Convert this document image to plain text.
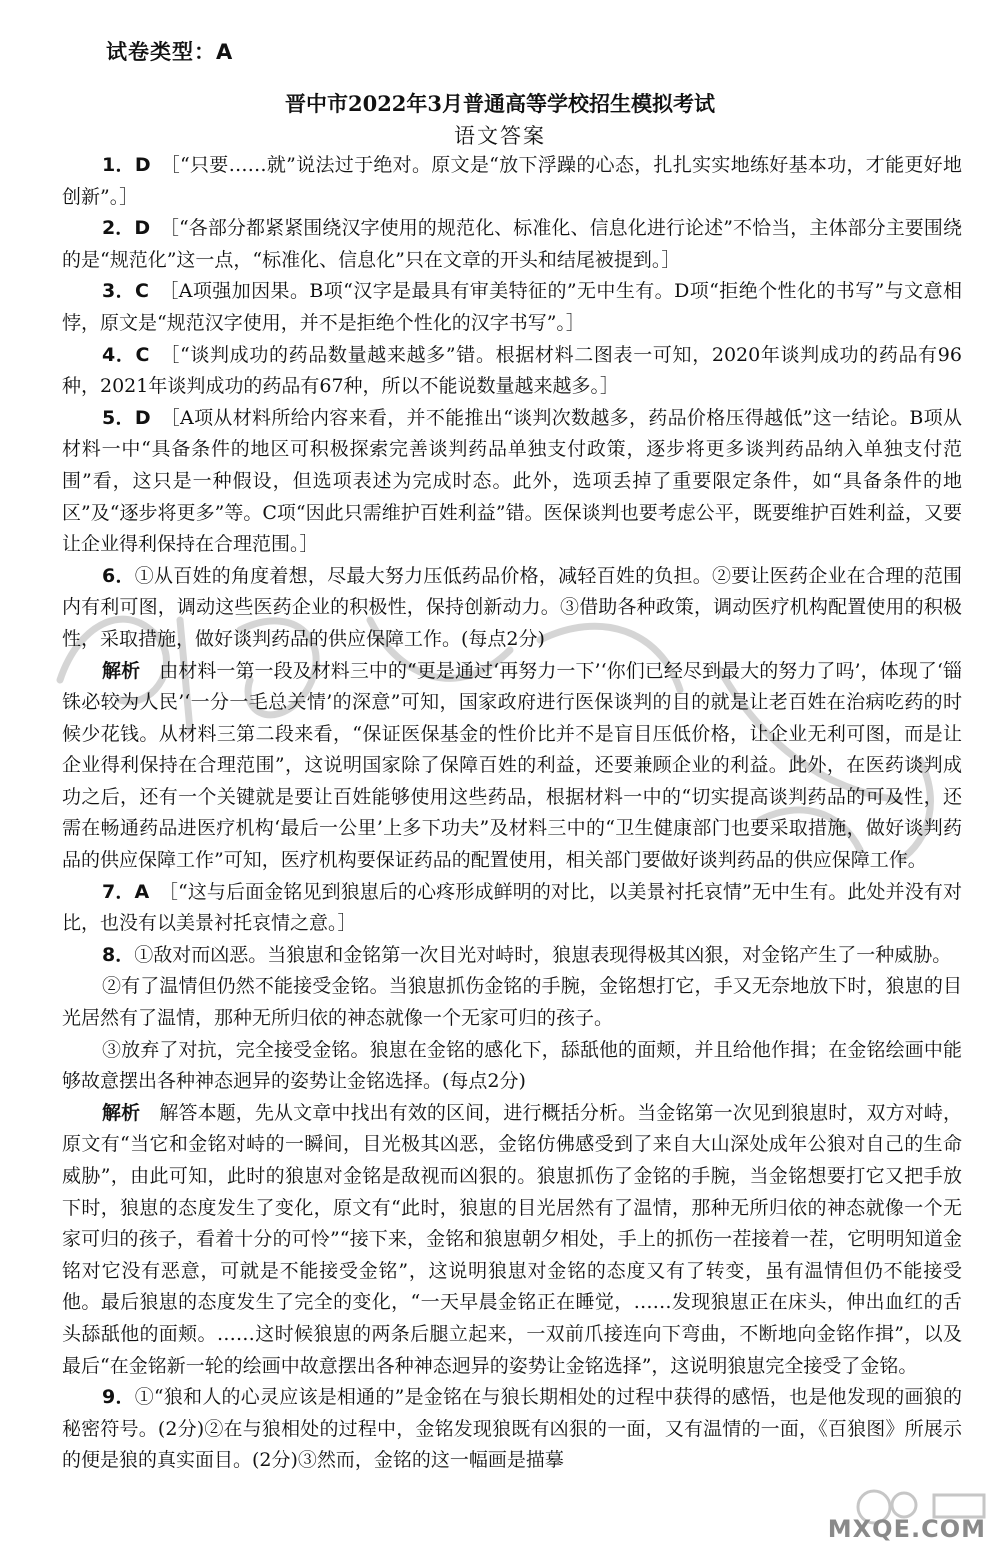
试卷类型：A
晋中市2022年3月普通高等学校招生模拟考试
语文答案

1．D　 ［“只要……就”说法过于绝对。原文是“放下浮躁的心态，扎扎实实地练好基本功，才能更好地创新”。］

2．D　 ［“各部分都紧紧围绕汉字使用的规范化、标准化、信息化进行论述”不恰当，主体部分主要围绕的是“规范化”这一点，“标准化、信息化”只在文章的开头和结尾被提到。］

3．C　 ［A项强加因果。B项“汉字是最具有审美特征的”无中生有。D项“拒绝个性化的书写”与文意相悖，原文是“规范汉字使用，并不是拒绝个性化的汉字书写”。］

4．C　 ［“谈判成功的药品数量越来越多”错。根据材料二图表一可知，2020年谈判成功的药品有96种，2021年谈判成功的药品有67种，所以不能说数量越来越多。］

5．D　 ［A项从材料所给内容来看，并不能推出“谈判次数越多，药品价格压得越低”这一结论。B项从材料一中“具备条件的地区可积极探索完善谈判药品单独支付政策，逐步将更多谈判药品纳入单独支付范围”看，这只是一种假设，但选项表述为完成时态。此外，选项丢掉了重要限定条件，如“具备条件的地区”及“逐步将更多”等。C项“因此只需维护百姓利益”错。医保谈判也要考虑公平，既要维护百姓利益，又要让企业得利保持在合理范围。］

6．①从百姓的角度着想，尽最大努力压低药品价格，减轻百姓的负担。②要让医药企业在合理的范围内有利可图，调动这些医药企业的积极性，保持创新动力。③借助各种政策，调动医疗机构配置使用的积极性，采取措施，做好谈判药品的供应保障工作。(每点2分)

解析　由材料一第一段及材料三中的“更是通过‘再努力一下’‘你们已经尽到最大的努力了吗’，体现了‘锱铢必较为人民’‘一分一毛总关情’的深意”可知，国家政府进行医保谈判的目的就是让老百姓在治病吃药的时候少花钱。从材料三第二段来看，“保证医保基金的性价比并不是盲目压低价格，让企业无利可图，而是让企业得利保持在合理范围”，这说明国家除了保障百姓的利益，还要兼顾企业的利益。此外，在医药谈判成功之后，还有一个关键就是要让百姓能够使用这些药品，根据材料一中的“切实提高谈判药品的可及性，还需在畅通药品进医疗机构‘最后一公里’上多下功夫”及材料三中的“卫生健康部门也要采取措施，做好谈判药品的供应保障工作”可知，医疗机构要保证药品的配置使用，相关部门要做好谈判药品的供应保障工作。

7．A　 ［“这与后面金铭见到狼崽后的心疼形成鲜明的对比，以美景衬托哀情”无中生有。此处并没有对比，也没有以美景衬托哀情之意。］

8．①敌对而凶恶。当狼崽和金铭第一次目光对峙时，狼崽表现得极其凶狠，对金铭产生了一种威胁。

②有了温情但仍然不能接受金铭。当狼崽抓伤金铭的手腕，金铭想打它，手又无奈地放下时，狼崽的目光居然有了温情，那种无所归依的神态就像一个无家可归的孩子。

③放弃了对抗，完全接受金铭。狼崽在金铭的感化下，舔舐他的面颊，并且给他作揖；在金铭绘画中能够故意摆出各种神态迥异的姿势让金铭选择。(每点2分)

解析　解答本题，先从文章中找出有效的区间，进行概括分析。当金铭第一次见到狼崽时，双方对峙，原文有“当它和金铭对峙的一瞬间，目光极其凶恶，金铭仿佛感受到了来自大山深处成年公狼对自己的生命威胁”，由此可知，此时的狼崽对金铭是敌视而凶狠的。狼崽抓伤了金铭的手腕，当金铭想要打它又把手放下时，狼崽的态度发生了变化，原文有“此时，狼崽的目光居然有了温情，那种无所归依的神态就像一个无家可归的孩子，看着十分的可怜”“接下来，金铭和狼崽朝夕相处，手上的抓伤一茬接着一茬，它明明知道金铭对它没有恶意，可就是不能接受金铭”，这说明狼崽对金铭的态度又有了转变，虽有温情但仍不能接受他。最后狼崽的态度发生了完全的变化，“一天早晨金铭正在睡觉，……发现狼崽正在床头，伸出血红的舌头舔舐他的面颊。……这时候狼崽的两条后腿立起来，一双前爪接连向下弯曲，不断地向金铭作揖”，以及最后“在金铭新一轮的绘画中故意摆出各种神态迥异的姿势让金铭选择”，这说明狼崽完全接受了金铭。

9．①“狼和人的心灵应该是相通的”是金铭在与狼长期相处的过程中获得的感悟，也是他发现的画狼的秘密符号。(2分)②在与狼相处的过程中，金铭发现狼既有凶狠的一面，又有温情的一面，《百狼图》所展示的便是狼的真实面目。(2分)③然而，金铭的这一幅画是描摹

MXQE.COM
